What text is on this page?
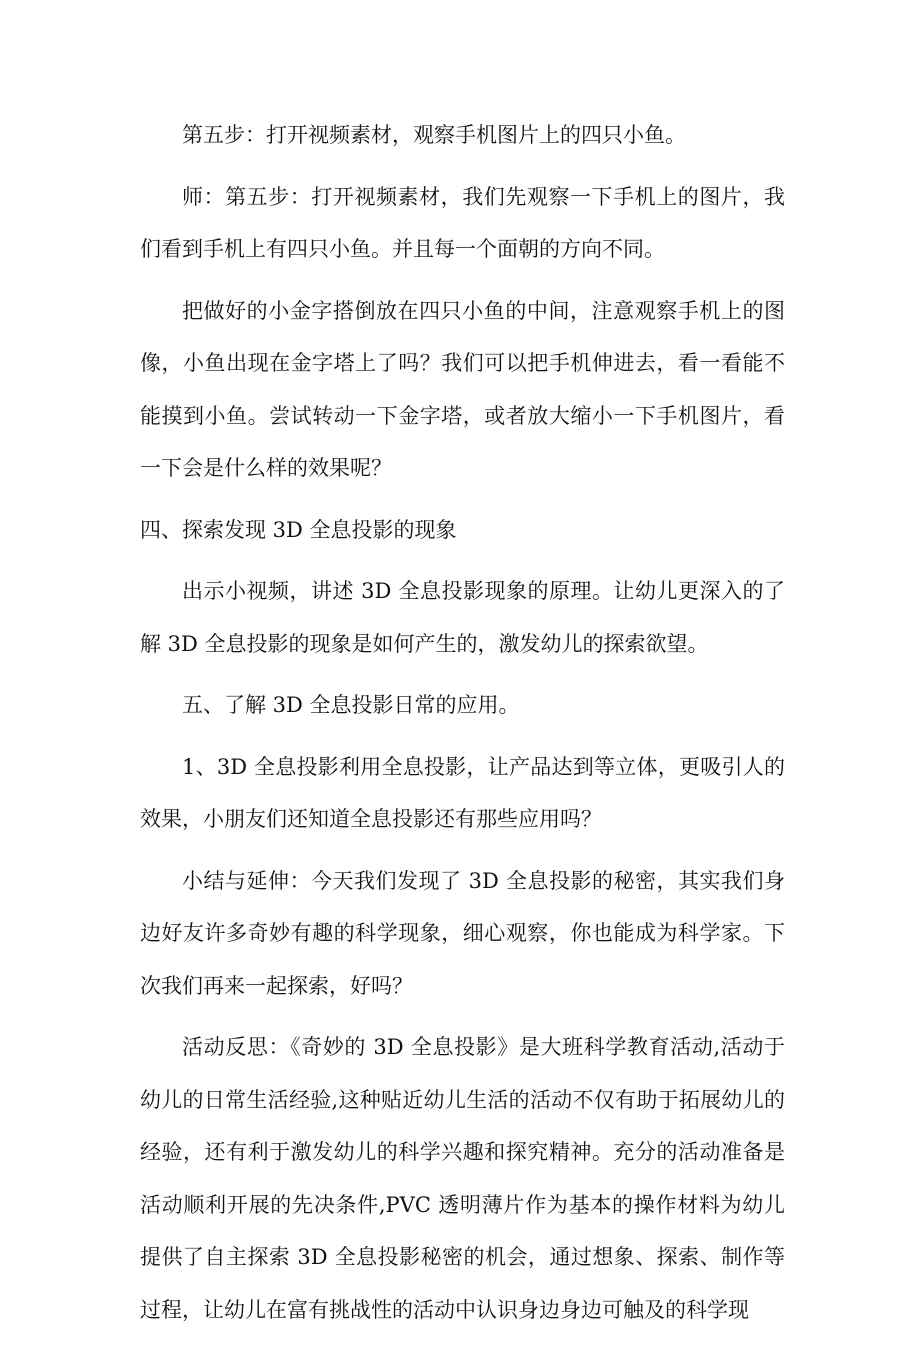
第五步：打开视频素材，观察手机图片上的四只小鱼。

师：第五步：打开视频素材，我们先观察一下手机上的图片，我们看到手机上有四只小鱼。并且每一个面朝的方向不同。

把做好的小金字搭倒放在四只小鱼的中间，注意观察手机上的图像，小鱼出现在金字塔上了吗？我们可以把手机伸进去，看一看能不能摸到小鱼。尝试转动一下金字塔，或者放大缩小一下手机图片，看一下会是什么样的效果呢？

四、探索发现 3D 全息投影的现象

出示小视频，讲述 3D 全息投影现象的原理。让幼儿更深入的了解 3D 全息投影的现象是如何产生的，激发幼儿的探索欲望。

五、了解 3D 全息投影日常的应用。

1、3D 全息投影利用全息投影，让产品达到等立体，更吸引人的效果，小朋友们还知道全息投影还有那些应用吗？

小结与延伸：今天我们发现了 3D 全息投影的秘密，其实我们身边好友许多奇妙有趣的科学现象，细心观察，你也能成为科学家。下次我们再来一起探索，好吗？

活动反思：《奇妙的 3D 全息投影》是大班科学教育活动,活动于幼儿的日常生活经验,这种贴近幼儿生活的活动不仅有助于拓展幼儿的经验，还有利于激发幼儿的科学兴趣和探究精神。充分的活动准备是活动顺利开展的先决条件,PVC 透明薄片作为基本的操作材料为幼儿提供了自主探索 3D 全息投影秘密的机会，通过想象、探索、制作等过程，让幼儿在富有挑战性的活动中认识身边身边可触及的科学现
